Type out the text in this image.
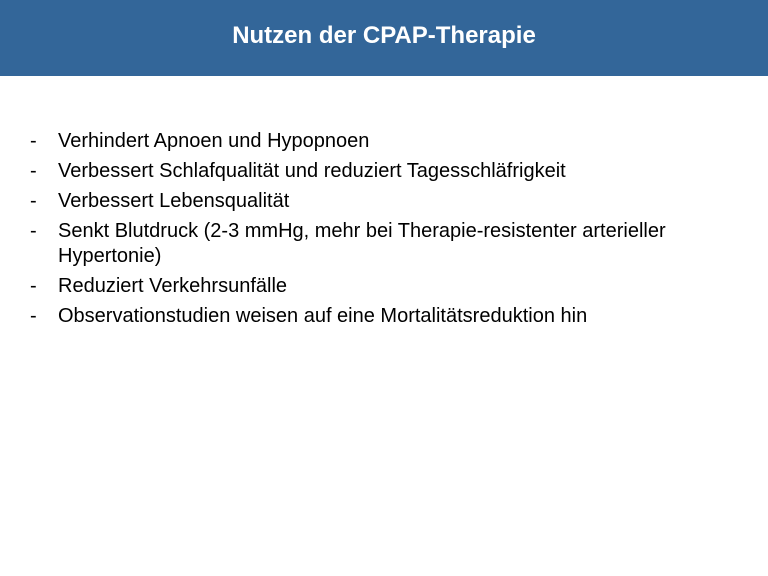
Nutzen der CPAP-Therapie
-	Verhindert Apnoen und Hypopnoen
-	Verbessert Schlafqualität und reduziert Tagesschläfrigkeit
-	Verbessert Lebensqualität
-	Senkt Blutdruck (2-3 mmHg, mehr bei Therapie-resistenter arterieller Hypertonie)
-	Reduziert Verkehrsunfälle
-	Observationstudien weisen auf eine Mortalitätsreduktion hin
